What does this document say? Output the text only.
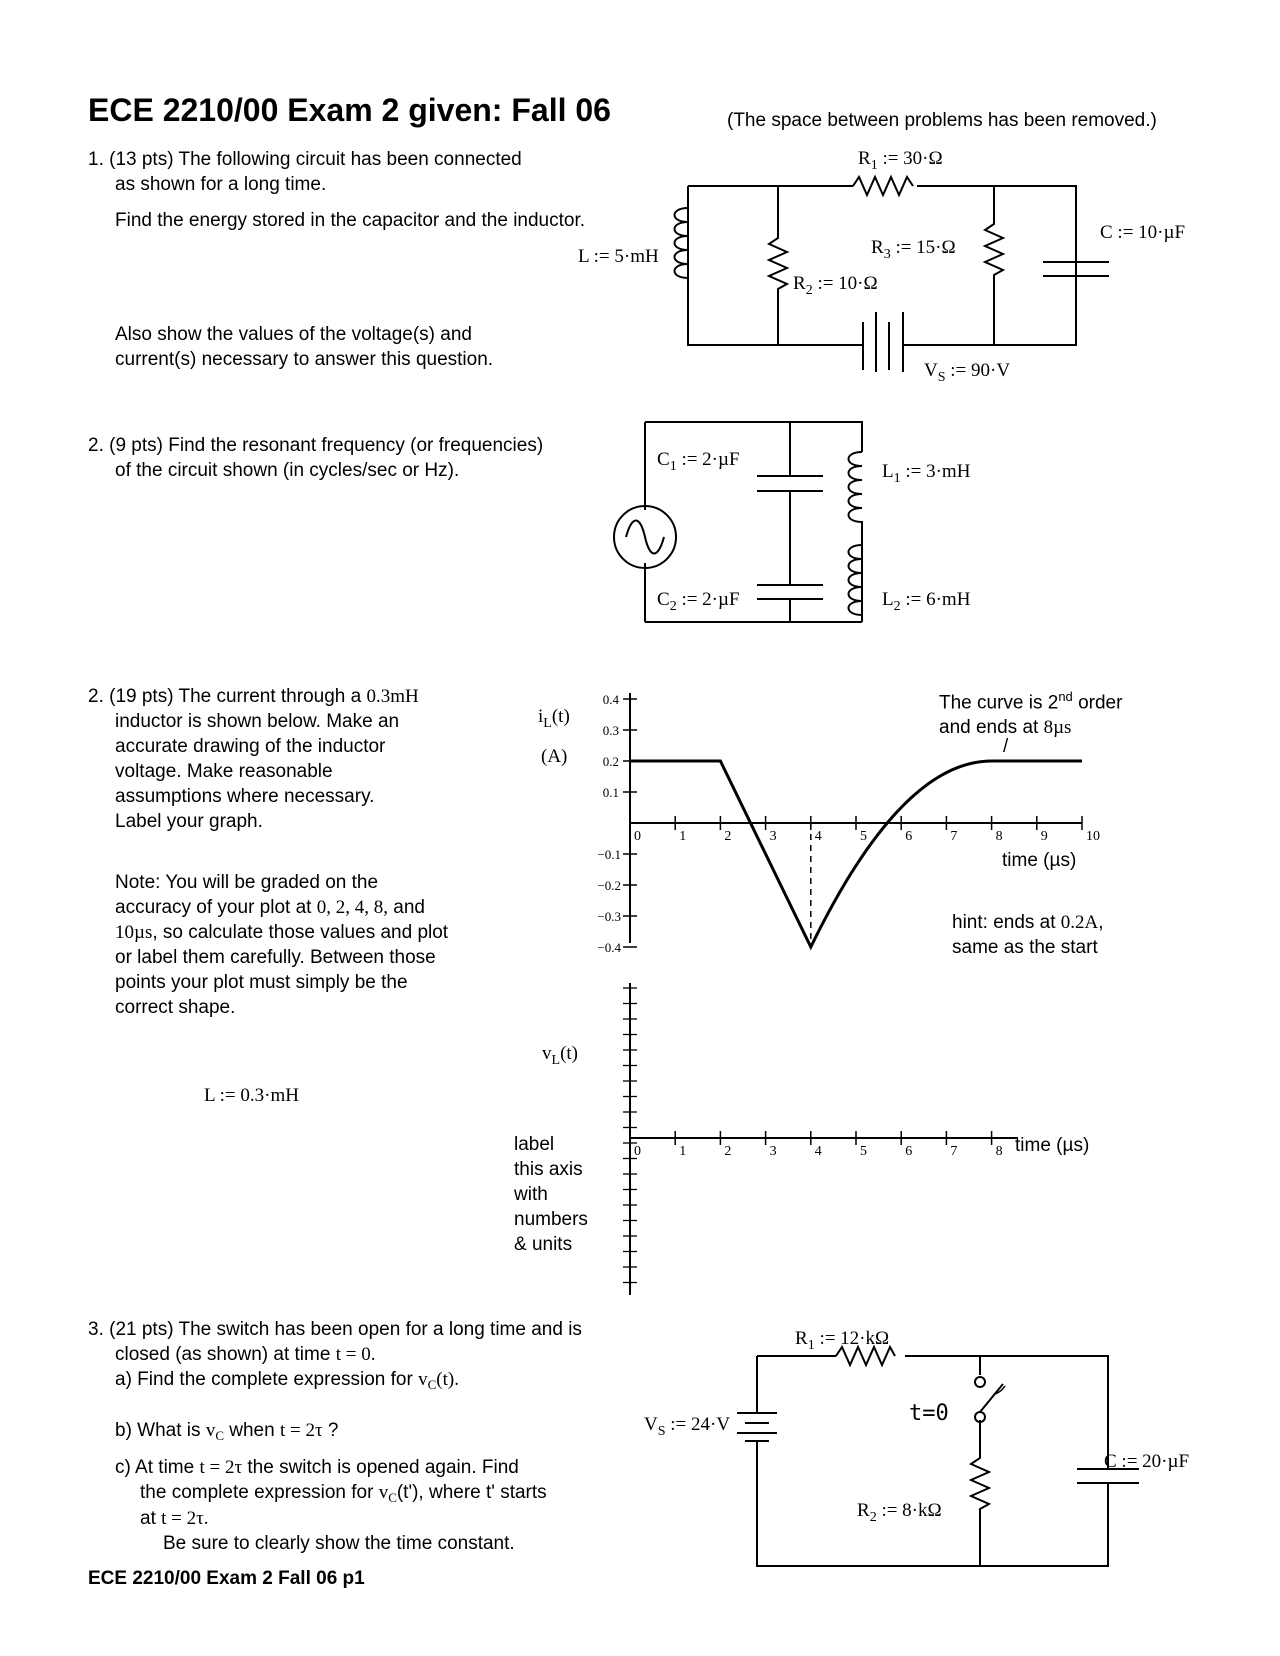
ECE 2210/00 Exam 2 given: Fall 06	(The space between problems has been removed.)
1. (13 pts) The following circuit has been connected
as shown for a long time.
Find the energy stored in the capacitor and the inductor.
Also show the values of the voltage(s) and
current(s) necessary to answer this question.
2. (9 pts) Find the resonant frequency (or frequencies)
of the circuit shown (in cycles/sec or Hz).
2. (19 pts) The current through a 0.3mH
inductor is shown below. Make an
accurate drawing of the inductor
voltage. Make reasonable
assumptions where necessary.
Label your graph.
Note: You will be graded on the
accuracy of your plot at 0, 2, 4, 8, and
10µs, so calculate those values and plot
or label them carefully. Between those
points your plot must simply be the
correct shape.
L := 0.3·mH
The curve is 2nd order
and ends at 8µs
/
hint: ends at 0.2A,
same as the start
$i_L(t)$
(A)
time (µs)
$v_L(t)$
label
this axis
with
numbers
& units
time (µs)
3. (21 pts) The switch has been open for a long time and is
closed (as shown) at time t = 0.
a) Find the complete expression for $v_C(t)$.
b) What is $v_C$ when t = 2τ ?
c) At time t = 2τ the switch is opened again. Find
the complete expression for $v_C(t')$, where t' starts
at t = 2τ.
Be sure to clearly show the time constant.
ECE 2210/00 Exam 2 Fall 06 p1
L := 5·mH
$R_1$ := 30·Ω
$R_2$ := 10·Ω
$R_3$ := 15·Ω
C := 10·µF
$V_S$ := 90·V
$C_1$ := 2·µF
$C_2$ := 2·µF
$L_1$ := 3·mH
$L_2$ := 6·mH
$R_1$ := 12·kΩ
$R_2$ := 8·kΩ
$V_S$ := 24·V
C := 20·µF
t=0
0	1	2	3	4	5	6	7	8	9	10
0.4
0.3
0.2
0.1
−0.1
−0.2
−0.3
−0.4
0	1	2	3	4	5	6	7	8
